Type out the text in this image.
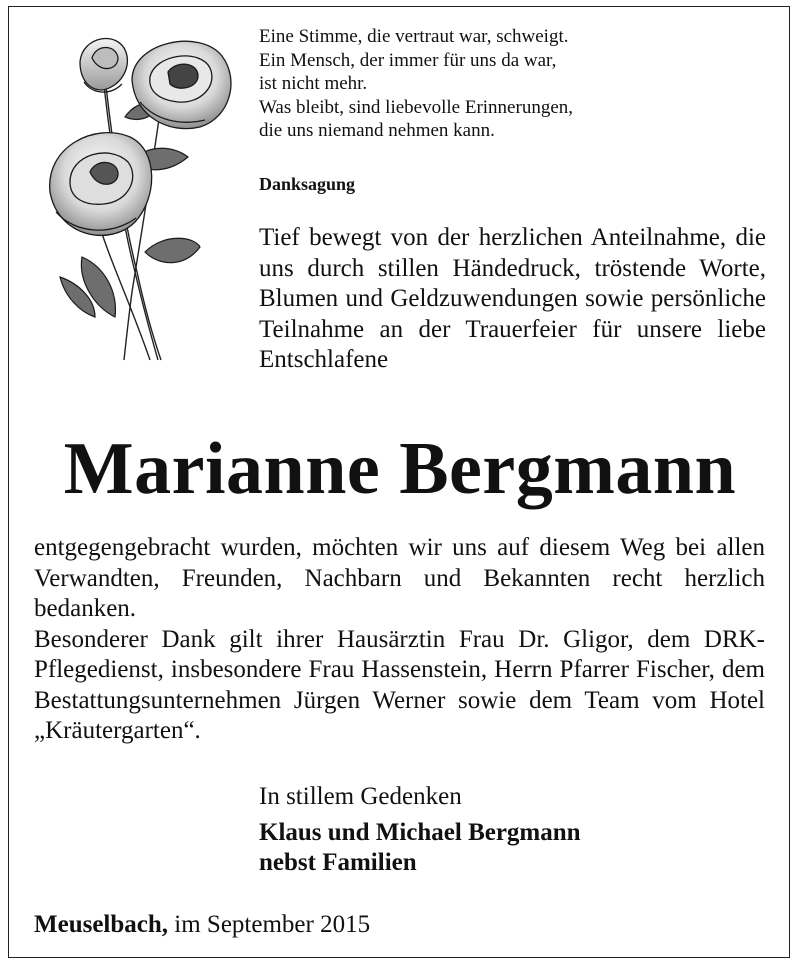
Eine Stimme, die vertraut war, schweigt.
Ein Mensch, der immer für uns da war,
ist nicht mehr.
Was bleibt, sind liebevolle Erinnerungen,
die uns niemand nehmen kann.
Danksagung

Tief bewegt von der herzlichen Anteilnahme, die uns durch stillen Händedruck, tröstende Worte, Blumen und Geldzuwendungen sowie persönliche Teilnahme an der Trauerfeier für unsere liebe Entschlafene

Marianne Bergmann

entgegengebracht wurden, möchten wir uns auf diesem Weg bei allen Verwandten, Freunden, Nachbarn und Bekannten recht herzlich bedanken.

Besonderer Dank gilt ihrer Hausärztin Frau Dr. Gligor, dem DRK-Pflegedienst, insbesondere Frau Hassenstein, Herrn Pfarrer Fischer, dem Bestattungsunternehmen Jürgen Werner sowie dem Team vom Hotel „Kräutergarten“.

In stillem Gedenken
Klaus und Michael Bergmann
nebst Familien
Meuselbach, im September 2015
